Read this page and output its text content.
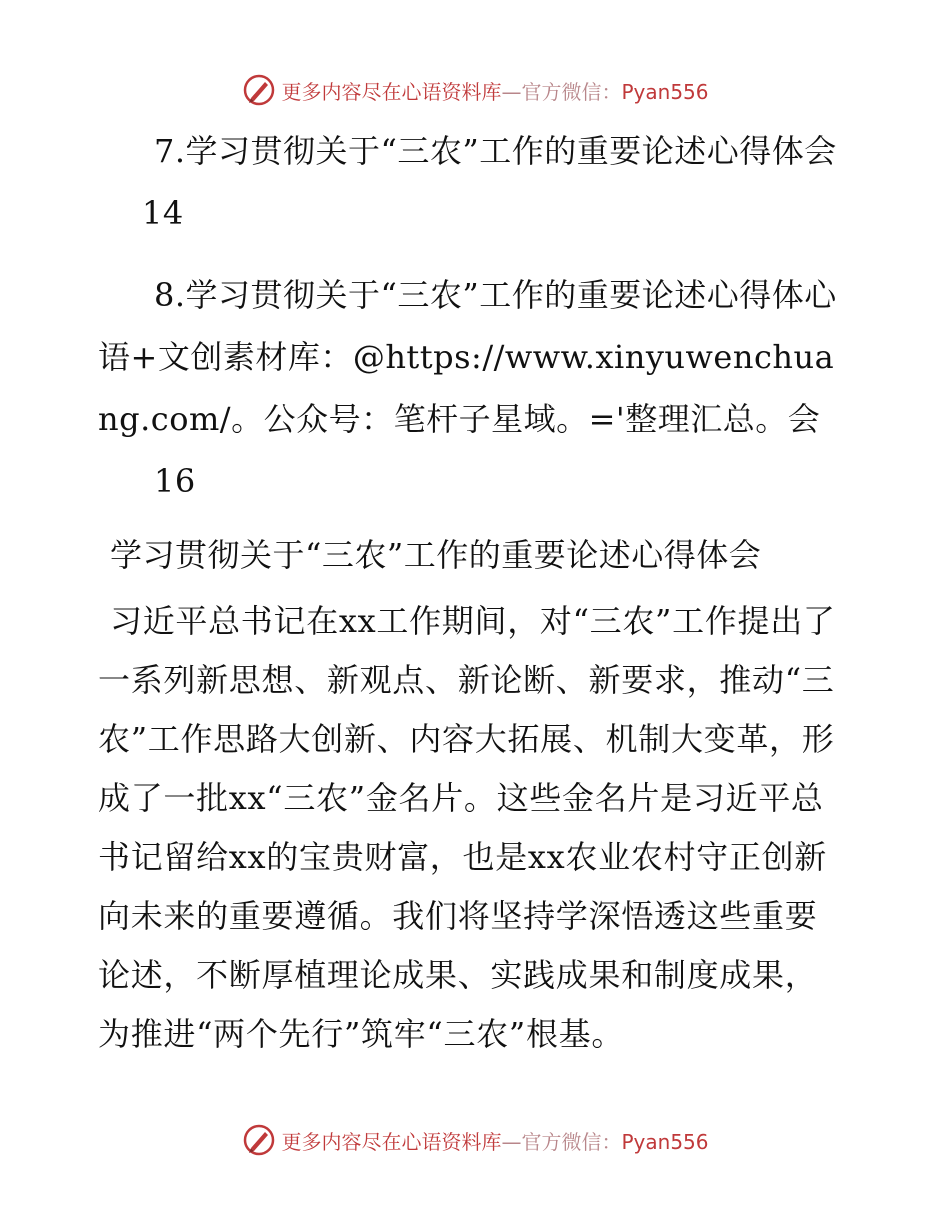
更多内容尽在心语资料库—官方微信：Pyan556

7.学习贯彻关于“三农”工作的重要论述心得体会14

8.学习贯彻关于“三农”工作的重要论述心得体心语+文创素材库：@https://www.xinyuwenchuang.com/。公众号：笔杆子星域。='整理汇总。会
16

学习贯彻关于“三农”工作的重要论述心得体会

习近平总书记在xx工作期间，对“三农”工作提出了一系列新思想、新观点、新论断、新要求，推动“三农”工作思路大创新、内容大拓展、机制大变革，形成了一批xx“三农”金名片。这些金名片是习近平总书记留给xx的宝贵财富，也是xx农业农村守正创新向未来的重要遵循。我们将坚持学深悟透这些重要论述，不断厚植理论成果、实践成果和制度成果，为推进“两个先行”筑牢“三农”根基。

更多内容尽在心语资料库—官方微信：Pyan556
